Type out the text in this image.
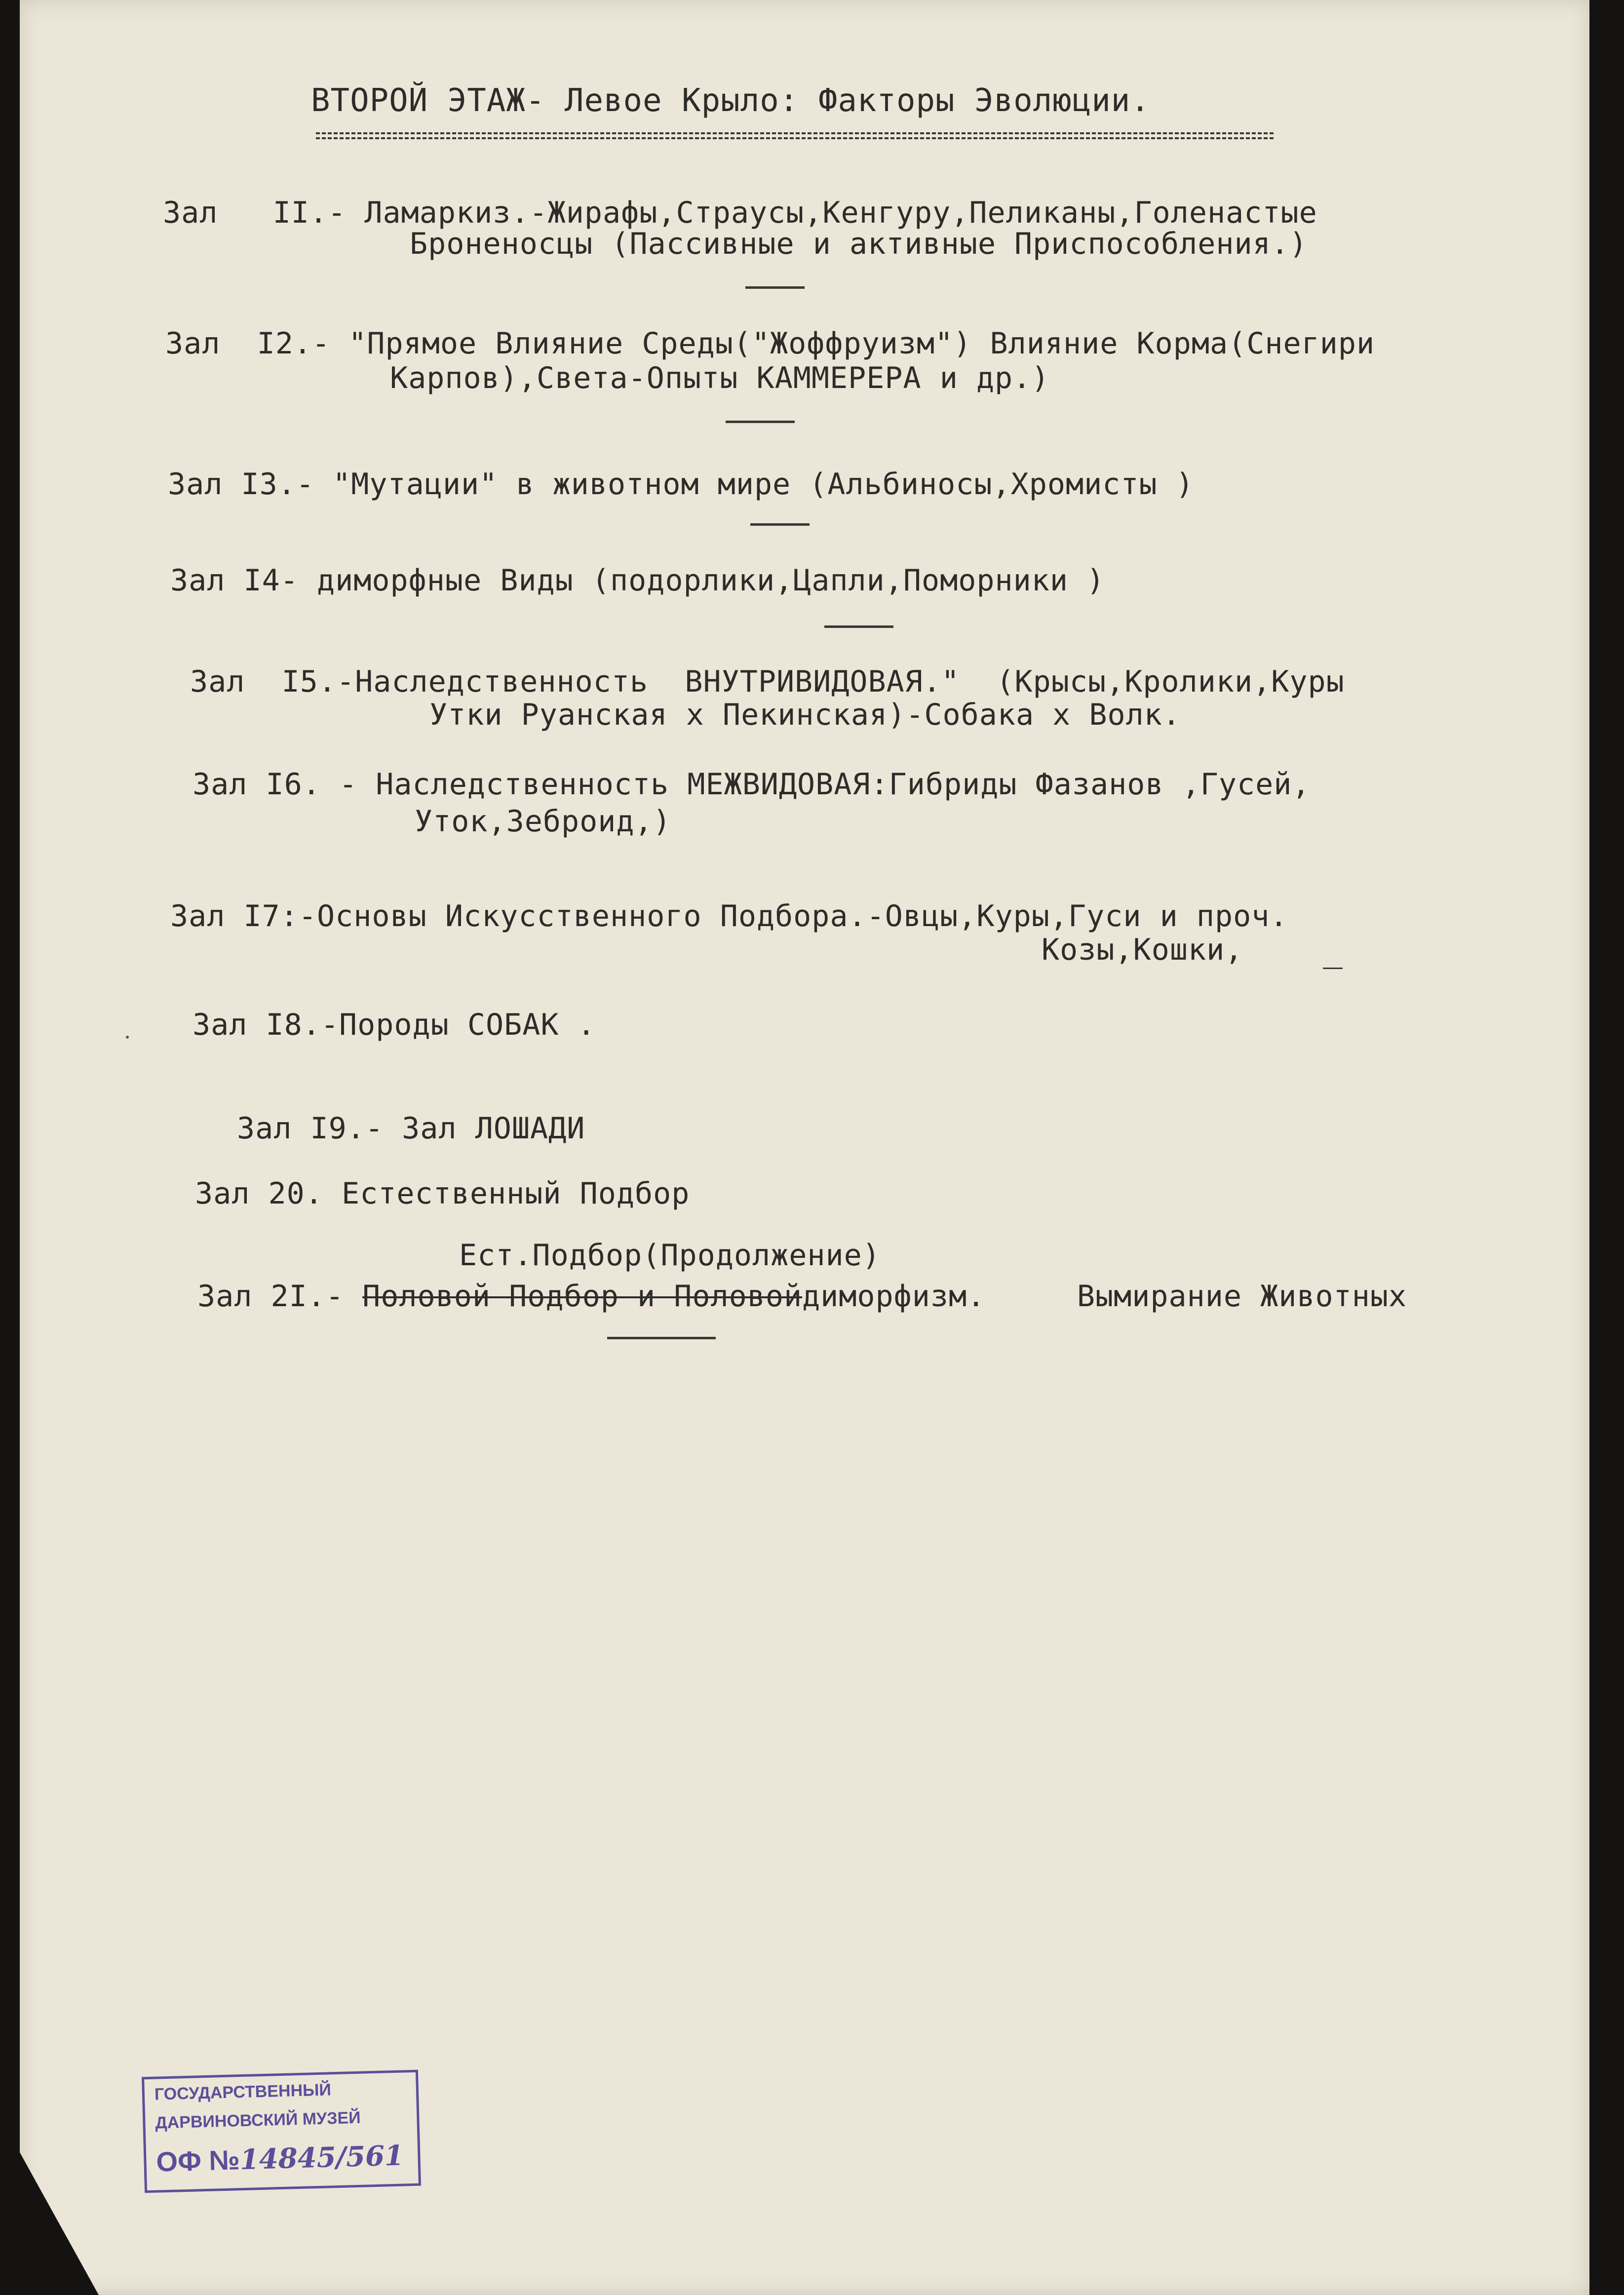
ВТОРОЙ ЭТАЖ- Левое Крыло: Факторы Эволюции.
Зал   II.- Ламаркиз.-Жирафы,Страусы,Кенгуру,Пеликаны,Голенастые
Броненосцы (Пассивные и активные Приспособления.)
Зал  I2.- "Прямое Влияние Среды("Жоффруизм") Влияние Корма(Снегири
Карпов),Света-Опыты КАММЕРЕРА и др.)
Зал I3.- "Мутации" в животном мире (Альбиносы,Хромисты )
Зал I4- диморфные Виды (подорлики,Цапли,Поморники )
Зал  I5.-Наследственность  ВНУТРИВИДОВАЯ."  (Крысы,Кролики,Куры
Утки Руанская х Пекинская)-Собака х Волк.
Зал I6. - Наследственность МЕЖВИДОВАЯ:Гибриды Фазанов ,Гусей,
Уток,Зеброид,)
Зал I7:-Основы Искусственного Подбора.-Овцы,Куры,Гуси и проч.
Козы,Кошки,
Зал I8.-Породы СОБАК .
Зал I9.- Зал ЛОШАДИ
Зал 20. Естественный Подбор
Ест.Подбор(Продолжение)
Зал 2I.- Половой Подбор и Половойдиморфизм.	Вымирание Животных
ГОСУДАРСТВЕННЫЙ
ДАРВИНОВСКИЙ МУЗЕЙ
ОФ №14845/561
